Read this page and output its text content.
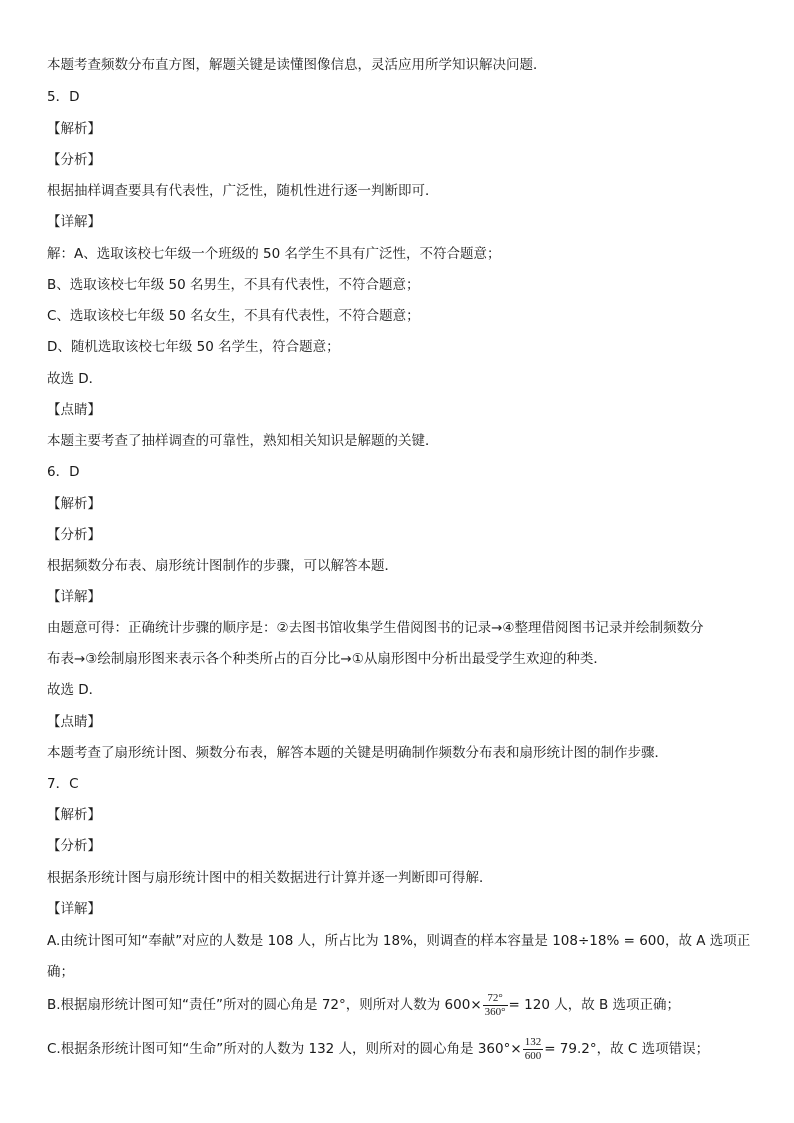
本题考查频数分布直方图，解题关键是读懂图像信息，灵活应用所学知识解决问题．
5．D
【解析】
【分析】
根据抽样调查要具有代表性，广泛性，随机性进行逐一判断即可．
【详解】
解：A、选取该校七年级一个班级的 50 名学生不具有广泛性，不符合题意；
B、选取该校七年级 50 名男生，不具有代表性，不符合题意；
C、选取该校七年级 50 名女生，不具有代表性，不符合题意；
D、随机选取该校七年级 50 名学生，符合题意；
故选 D．
【点睛】
本题主要考查了抽样调查的可靠性，熟知相关知识是解题的关键．
6．D
【解析】
【分析】
根据频数分布表、扇形统计图制作的步骤，可以解答本题．
【详解】
由题意可得：正确统计步骤的顺序是：②去图书馆收集学生借阅图书的记录→④整理借阅图书记录并绘制频数分
布表→③绘制扇形图来表示各个种类所占的百分比→①从扇形图中分析出最受学生欢迎的种类．
故选 D．
【点睛】
本题考查了扇形统计图、频数分布表，解答本题的关键是明确制作频数分布表和扇形统计图的制作步骤．
7．C
【解析】
【分析】
根据条形统计图与扇形统计图中的相关数据进行计算并逐一判断即可得解．
【详解】
A.由统计图可知“奉献”对应的人数是 108 人，所占比为 18%，则调查的样本容量是 108÷18% = 600，故 A 选项正
确；
B.根据扇形统计图可知“责任”所对的圆心角是 72°，则所对人数为 $600\times \frac{72^\circ}{360^\circ} = 120$ 人，故 B 选项正确；
C.根据条形统计图可知“生命”所对的人数为 132 人，则所对的圆心角是 $360^\circ\times \frac{132}{600} = 79.2^\circ$，故 C 选项错误；
